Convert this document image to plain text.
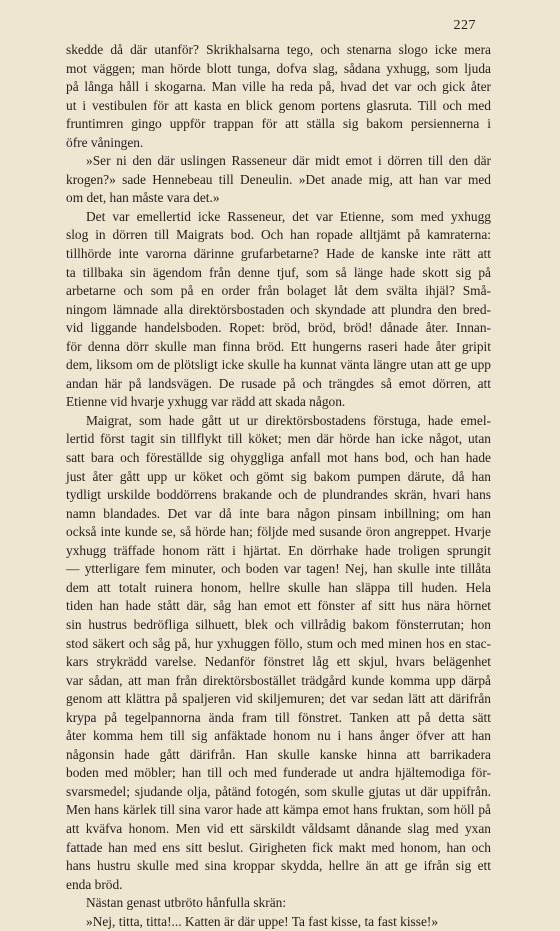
227
skedde då där utanför? Skrikhalsarna tego, och stenarna slogo icke mera
mot väggen; man hörde blott tunga, dofva slag, sådana yxhugg, som ljuda
på långa håll i skogarna. Man ville ha reda på, hvad det var och gick åter
ut i vestibulen för att kasta en blick genom portens glasruta. Till och med
fruntimren gingo uppför trappan för att ställa sig bakom persiennerna i
öfre våningen.
»Ser ni den där uslingen Rasseneur där midt emot i dörren till den där
krogen?» sade Hennebeau till Deneulin. »Det anade mig, att han var med
om det, han måste vara det.»
Det var emellertid icke Rasseneur, det var Etienne, som med yxhugg
slog in dörren till Maigrats bod. Och han ropade alltjämt på kamraterna:
tillhörde inte varorna därinne grufarbetarne? Hade de kanske inte rätt att
ta tillbaka sin ägendom från denne tjuf, som så länge hade skott sig på
arbetarne och som på en order från bolaget låt dem svälta ihjäl? Små-
ningom lämnade alla direktörsbostaden och skyndade att plundra den bred-
vid liggande handelsboden. Ropet: bröd, bröd, bröd! dånade åter. Innan-
för denna dörr skulle man finna bröd. Ett hungerns raseri hade åter gripit
dem, liksom om de plötsligt icke skulle ha kunnat vänta längre utan att ge upp
andan här på landsvägen. De rusade på och trängdes så emot dörren, att
Etienne vid hvarje yxhugg var rädd att skada någon.
Maigrat, som hade gått ut ur direktörsbostadens förstuga, hade emel-
lertid först tagit sin tillflykt till köket; men där hörde han icke något, utan
satt bara och föreställde sig ohyggliga anfall mot hans bod, och han hade
just åter gått upp ur köket och gömt sig bakom pumpen därute, då han
tydligt urskilde boddörrens brakande och de plundrandes skrän, hvari hans
namn blandades. Det var då inte bara någon pinsam inbillning; om han
också inte kunde se, så hörde han; följde med susande öron angreppet. Hvarje
yxhugg träffade honom rätt i hjärtat. En dörrhake hade troligen sprungit
— ytterligare fem minuter, och boden var tagen! Nej, han skulle inte tillåta
dem att totalt ruinera honom, hellre skulle han släppa till huden. Hela
tiden han hade stått där, såg han emot ett fönster af sitt hus nära hörnet
sin hustrus bedröfliga silhuett, blek och villrådig bakom fönsterrutan; hon
stod säkert och såg på, hur yxhuggen föllo, stum och med minen hos en stac-
kars strykrädd varelse. Nedanför fönstret låg ett skjul, hvars belägenhet
var sådan, att man från direktörsbostället trädgård kunde komma upp därpå
genom att klättra på spaljeren vid skiljemuren; det var sedan lätt att därifrån
krypa på tegelpannorna ända fram till fönstret. Tanken att på detta sätt
åter komma hem till sig anfäktade honom nu i hans ånger öfver att han
någonsin hade gått därifrån. Han skulle kanske hinna att barrikadera
boden med möbler; han till och med funderade ut andra hjältemodiga för-
svarsmedel; sjudande olja, påtänd fotogén, som skulle gjutas ut där uppifrån.
Men hans kärlek till sina varor hade att kämpa emot hans fruktan, som höll på
att kväfva honom. Men vid ett särskildt våldsamt dånande slag med yxan
fattade han med ens sitt beslut. Girigheten fick makt med honom, han och
hans hustru skulle med sina kroppar skydda, hellre än att ge ifrån sig ett
enda bröd.
Nästan genast utbröto hånfulla skrän:
»Nej, titta, titta!... Katten är där uppe! Ta fast kisse, ta fast kisse!»
